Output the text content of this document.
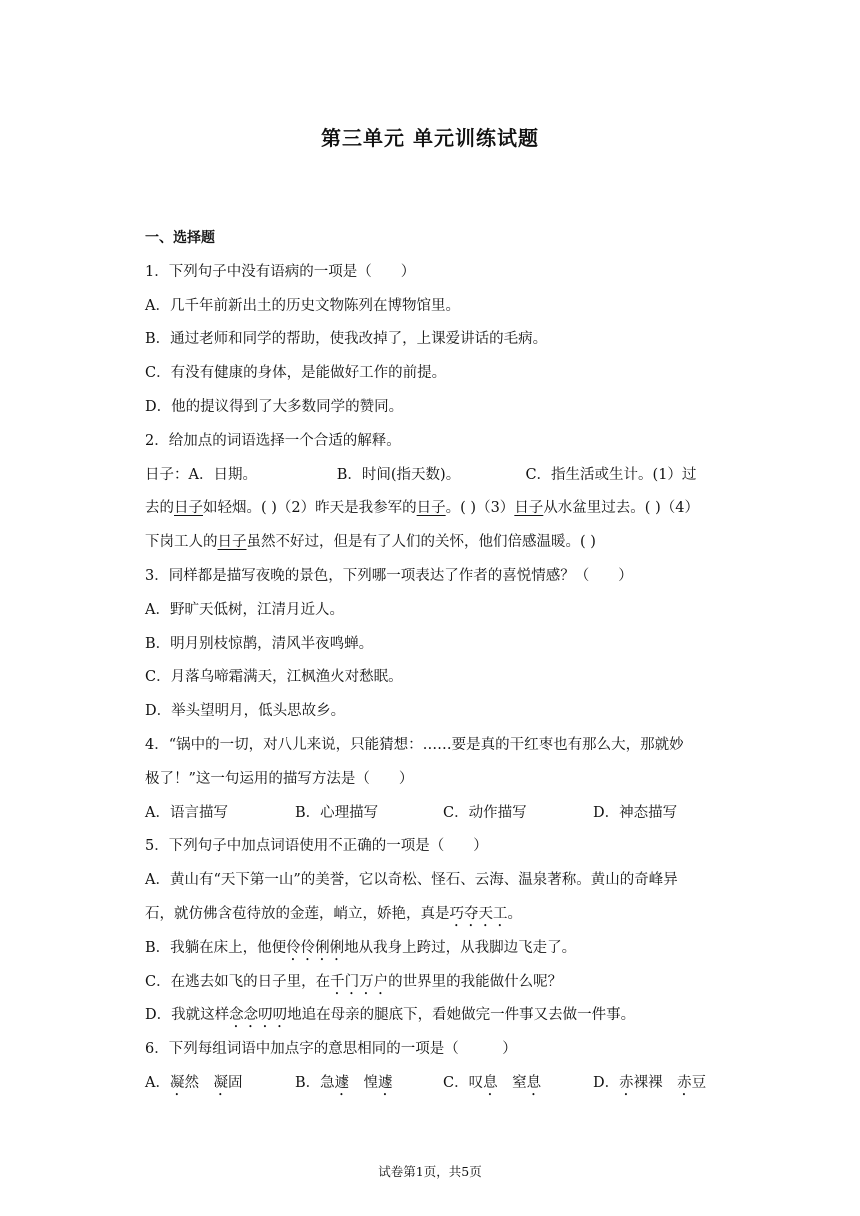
第三单元 单元训练试题
一、选择题
1．下列句子中没有语病的一项是（　　）
A．几千年前新出土的历史文物陈列在博物馆里。
B．通过老师和同学的帮助，使我改掉了，上课爱讲话的毛病。
C．有没有健康的身体，是能做好工作的前提。
D．他的提议得到了大多数同学的赞同。
2．给加点的词语选择一个合适的解释。
日子：A．日期。　　　　　　B．时间(指天数)。　　　　　C．指生活或生计。(1）过
去的日子如轻烟。( )（2）昨天是我参军的日子。( )（3）日子从水盆里过去。( )（4）
下岗工人的日子虽然不好过，但是有了人们的关怀，他们倍感温暖。( )
3．同样都是描写夜晚的景色，下列哪一项表达了作者的喜悦情感？（　　）
A．野旷天低树，江清月近人。
B．明月别枝惊鹊，清风半夜鸣蝉。
C．月落乌啼霜满天，江枫渔火对愁眠。
D．举头望明月，低头思故乡。
4．“锅中的一切，对八儿来说，只能猜想：……要是真的干红枣也有那么大，那就妙
极了！”这一句运用的描写方法是（　　）
A．语言描写	B．心理描写	C．动作描写	D．神态描写
5．下列句子中加点词语使用不正确的一项是（　　）
A．黄山有“天下第一山”的美誉，它以奇松、怪石、云海、温泉著称。黄山的奇峰异
石，就仿佛含苞待放的金莲，峭立，娇艳，真是巧夺天工。
B．我躺在床上，他便伶伶俐俐地从我身上跨过，从我脚边飞走了。
C．在逃去如飞的日子里，在千门万户的世界里的我能做什么呢？
D．我就这样念念叨叨地追在母亲的腿底下，看她做完一件事又去做一件事。
6．下列每组词语中加点字的意思相同的一项是（　　　）
A．凝然　 凝固	B．急遽　 惶遽	C．叹息　 窒息	D．赤裸裸　 赤豆
试卷第1页，共5页
